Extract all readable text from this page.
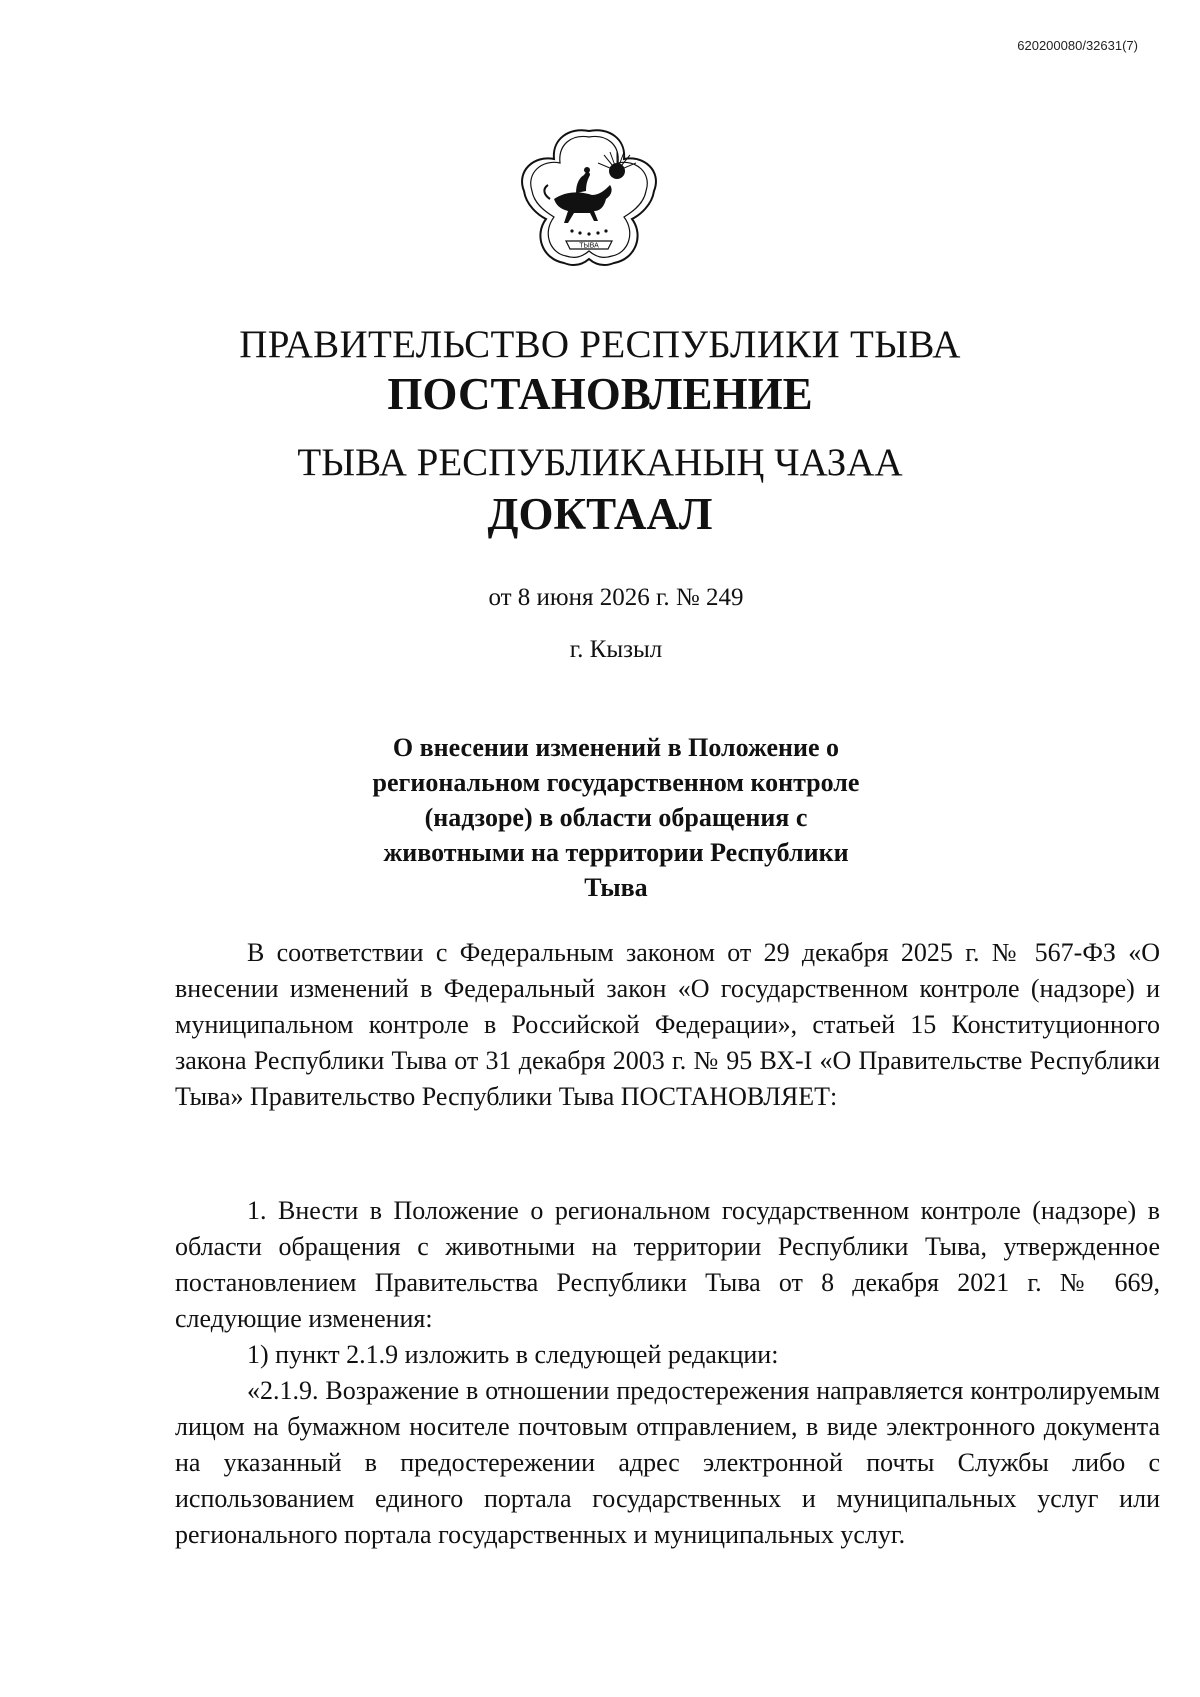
620200080/32631(7)
ТЫВА
ПРАВИТЕЛЬСТВО РЕСПУБЛИКИ ТЫВА
ПОСТАНОВЛЕНИЕ
ТЫВА РЕСПУБЛИКАНЫҢ ЧАЗАА
ДОКТААЛ
от 8 июня 2026 г. № 249
г. Кызыл
О внесении изменений в Положение о региональном государственном контроле (надзоре) в области обращения с животными на территории Республики Тыва

В соответствии с Федеральным законом от 29 декабря 2025 г. № 567-ФЗ «О внесении изменений в Федеральный закон «О государственном контроле (надзоре) и муниципальном контроле в Российской Федерации», статьей 15 Конституционного закона Республики Тыва от 31 декабря 2003 г. № 95 ВХ-I «О Правительстве Республики Тыва» Правительство Республики Тыва ПОСТАНОВЛЯЕТ:

1. Внести в Положение о региональном государственном контроле (надзоре) в области обращения с животными на территории Республики Тыва, утвержденное постановлением Правительства Республики Тыва от 8 декабря 2021 г. № 669, следующие изменения:

1) пункт 2.1.9 изложить в следующей редакции:

«2.1.9. Возражение в отношении предостережения направляется контролируемым лицом на бумажном носителе почтовым отправлением, в виде электронного документа на указанный в предостережении адрес электронной почты Службы либо с использованием единого портала государственных и муниципальных услуг или регионального портала государственных и муниципальных услуг.
